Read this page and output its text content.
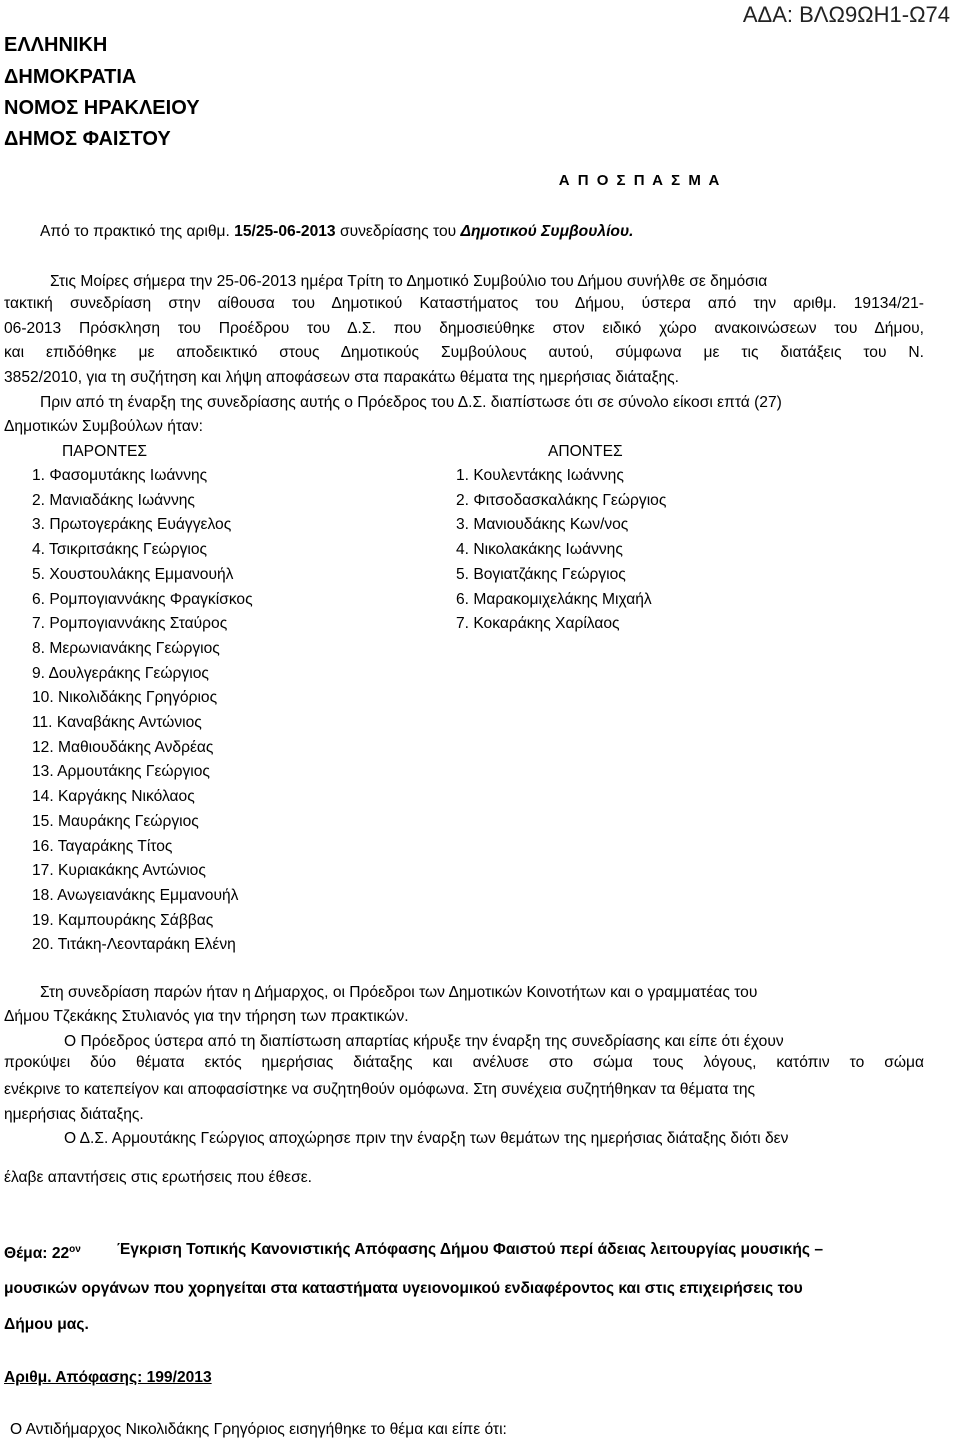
ΑΔΑ: ΒΛΩ9ΩΗ1-Ω74
ΕΛΛΗΝΙΚΗ
ΔΗΜΟΚΡΑΤΙΑ
ΝΟΜΟΣ ΗΡΑΚΛΕΙΟΥ
ΔΗΜΟΣ ΦΑΙΣΤΟΥ
Α Π Ο Σ Π Α Σ Μ Α
Από το πρακτικό της αριθμ. 15/25-06-2013 συνεδρίασης του Δημοτικού Συμβουλίου.
Στις Μοίρες σήμερα την 25-06-2013 ημέρα Τρίτη το Δημοτικό Συμβούλιο του Δήμου συνήλθε σε δημόσια
τακτική συνεδρίαση στην αίθουσα του Δημοτικού Καταστήματος του Δήμου, ύστερα από την αριθμ. 19134/21-
06-2013 Πρόσκληση του Προέδρου του Δ.Σ. που δημοσιεύθηκε στον ειδικό χώρο ανακοινώσεων του Δήμου,
και επιδόθηκε με αποδεικτικό στους Δημοτικούς Συμβούλους αυτού, σύμφωνα με τις διατάξεις του Ν.
3852/2010, για τη συζήτηση και λήψη αποφάσεων στα παρακάτω θέματα της ημερήσιας διάταξης.
Πριν από τη έναρξη της συνεδρίασης αυτής ο Πρόεδρος του Δ.Σ. διαπίστωσε ότι σε σύνολο είκοσι επτά (27)
Δημοτικών Συμβούλων ήταν:
ΠΑΡΟΝΤΕΣ	ΑΠΟΝΤΕΣ
1. Φασομυτάκης Ιωάννης
2. Μανιαδάκης Ιωάννης
3. Πρωτογεράκης Ευάγγελος
4. Τσικριτσάκης Γεώργιος
5. Χουστουλάκης Εμμανουήλ
6. Ρομπογιαννάκης Φραγκίσκος
7. Ρομπογιαννάκης Σταύρος
8. Μερωνιανάκης Γεώργιος
9. Δουλγεράκης Γεώργιος
10. Νικολιδάκης Γρηγόριος
11. Καναβάκης Αντώνιος
12. Μαθιουδάκης Ανδρέας
13. Αρμουτάκης Γεώργιος
14. Καργάκης Νικόλαος
15. Μαυράκης Γεώργιος
16. Ταγαράκης Τίτος
17. Κυριακάκης Αντώνιος
18. Ανωγειανάκης Εμμανουήλ
19. Καμπουράκης Σάββας
20. Τιτάκη-Λεονταράκη Ελένη
1. Κουλεντάκης Ιωάννης
2. Φιτσοδασκαλάκης Γεώργιος
3. Μανιουδάκης Κων/νος
4. Νικολακάκης Ιωάννης
5. Βογιατζάκης Γεώργιος
6. Μαρακομιχελάκης Μιχαήλ
7. Κοκαράκης Χαρίλαος
Στη συνεδρίαση παρών ήταν η Δήμαρχος, οι Πρόεδροι των Δημοτικών Κοινοτήτων και ο γραμματέας του
Δήμου Τζεκάκης Στυλιανός για την τήρηση των πρακτικών.
Ο Πρόεδρος ύστερα από τη διαπίστωση απαρτίας κήρυξε την έναρξη της συνεδρίασης και είπε ότι έχουν
προκύψει δύο θέματα εκτός ημερήσιας διάταξης και ανέλυσε στο σώμα τους λόγους, κατόπιν το σώμα
ενέκρινε το κατεπείγον και αποφασίστηκε να συζητηθούν ομόφωνα. Στη συνέχεια συζητήθηκαν τα θέματα της
ημερήσιας διάταξης.
Ο Δ.Σ. Αρμουτάκης Γεώργιος αποχώρησε πριν την έναρξη των θεμάτων της ημερήσιας διάταξης διότι δεν
έλαβε απαντήσεις στις ερωτήσεις που έθεσε.
Θέμα: $22^{o\nu}$ Έγκριση Τοπικής Κανονιστικής Απόφασης Δήμου Φαιστού περί άδειας λειτουργίας μουσικής –
μουσικών οργάνων που χορηγείται στα καταστήματα υγειονομικού ενδιαφέροντος και στις επιχειρήσεις του
Δήμου μας.
Αριθμ. Απόφασης: 199/2013
Ο Αντιδήμαρχος Νικολιδάκης Γρηγόριος εισηγήθηκε το θέμα και είπε ότι:
